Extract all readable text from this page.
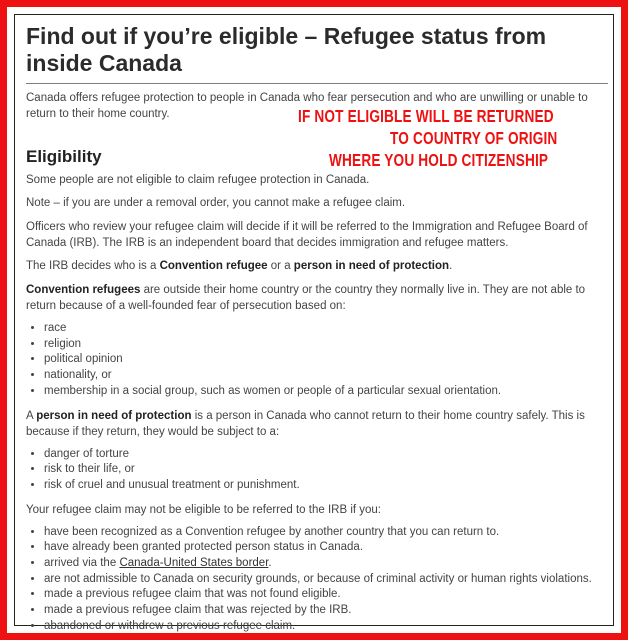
Find out if you’re eligible – Refugee status from inside Canada

Canada offers refugee protection to people in Canada who fear persecution and who are unwilling or unable to return to their home country.

Eligibility

Some people are not eligible to claim refugee protection in Canada.

Note – if you are under a removal order, you cannot make a refugee claim.

Officers who review your refugee claim will decide if it will be referred to the Immigration and Refugee Board of Canada (IRB). The IRB is an independent board that decides immigration and refugee matters.

The IRB decides who is a Convention refugee or a person in need of protection.

Convention refugees are outside their home country or the country they normally live in. They are not able to return because of a well-founded fear of persecution based on:

• race
• religion
• political opinion
• nationality, or
• membership in a social group, such as women or people of a particular sexual orientation.

A person in need of protection is a person in Canada who cannot return to their home country safely. This is because if they return, they would be subject to a:

• danger of torture
• risk to their life, or
• risk of cruel and unusual treatment or punishment.

Your refugee claim may not be eligible to be referred to the IRB if you:

• have been recognized as a Convention refugee by another country that you can return to.
• have already been granted protected person status in Canada.
• arrived via the Canada-United States border.
• are not admissible to Canada on security grounds, or because of criminal activity or human rights violations.
• made a previous refugee claim that was not found eligible.
• made a previous refugee claim that was rejected by the IRB.
• abandoned or withdrew a previous refugee claim.
IF NOT ELIGIBLE WILL BE RETURNED
TO COUNTRY OF ORIGIN
WHERE YOU HOLD CITIZENSHIP
